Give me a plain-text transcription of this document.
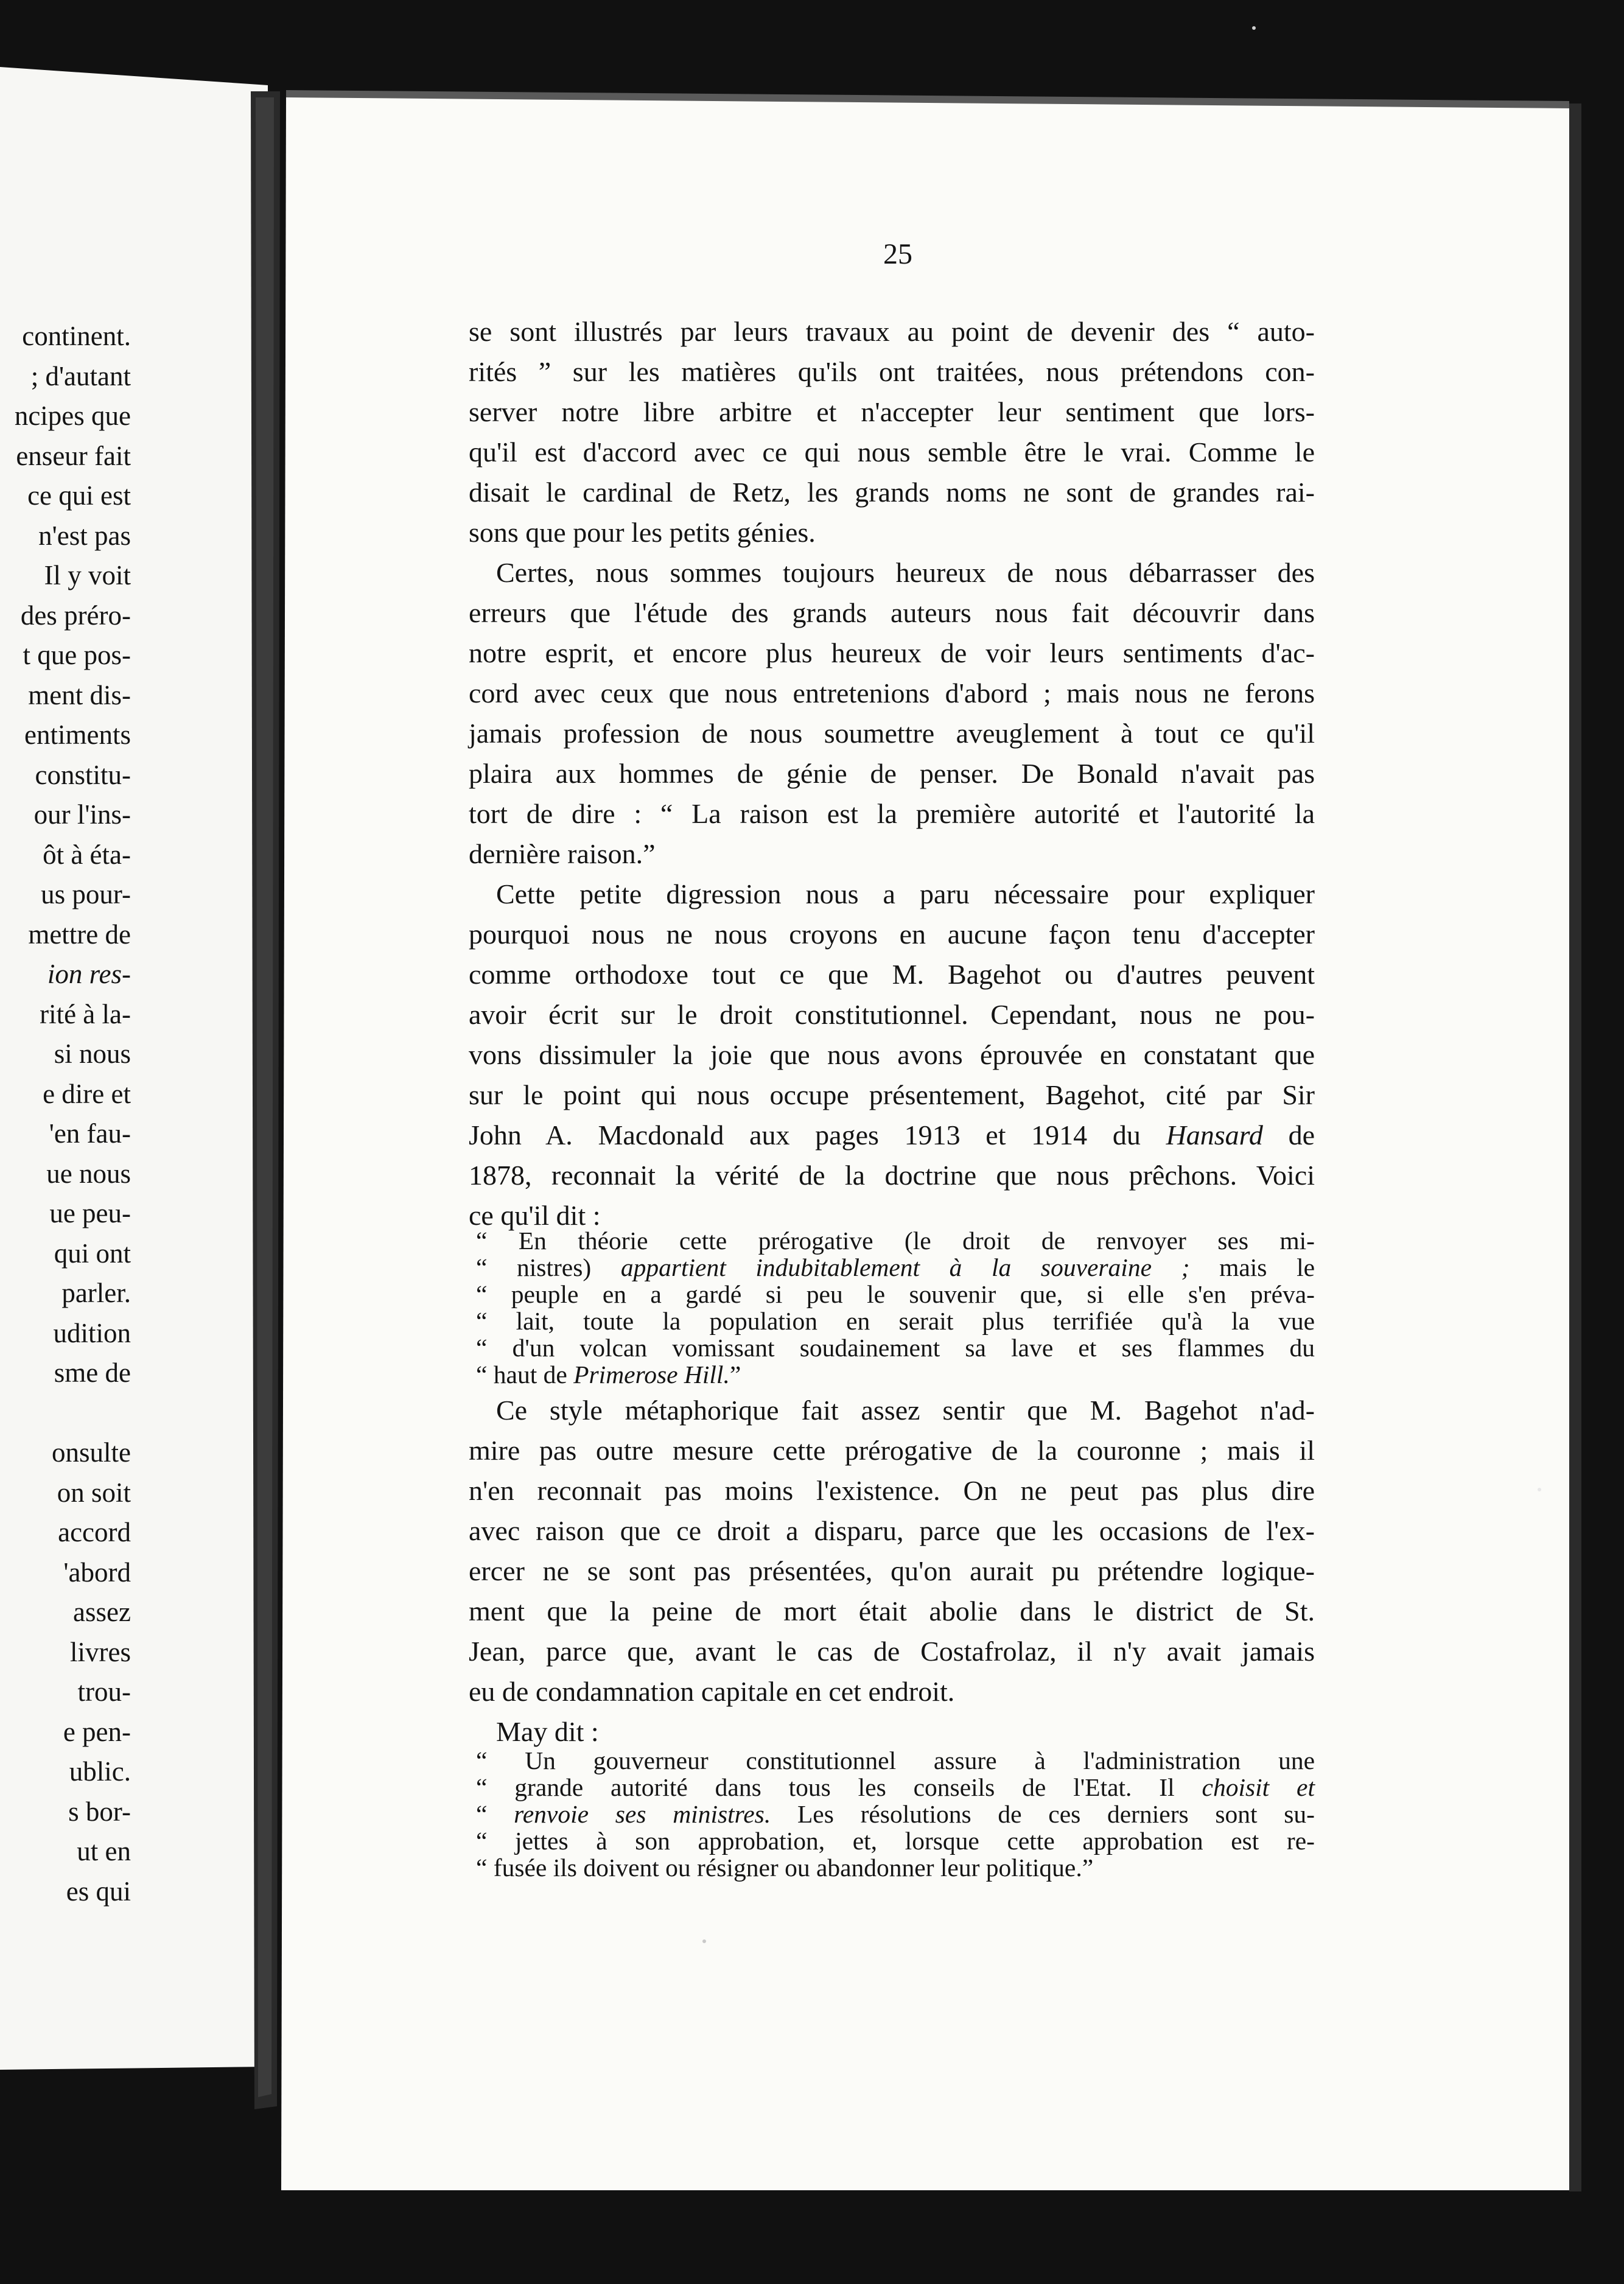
continent.
; d'autant
ncipes que
enseur fait
ce qui est
n'est pas
Il y voit
des préro-
t que pos-
ment dis-
entiments
constitu-
our l'ins-
ôt à éta-
us pour-
mettre de
ion res-
rité à la-
si nous
e dire et
'en fau-
ue nous
ue peu-
qui ont
parler.
udition
sme de
onsulte
on soit
accord
'abord
assez
livres
trou-
e pen-
ublic.
s bor-
ut en
es qui
25
se sont illustrés par leurs travaux au point de devenir des “ auto-
rités ” sur les matières qu'ils ont traitées, nous prétendons con-
server notre libre arbitre et n'accepter leur sentiment que lors-
qu'il est d'accord avec ce qui nous semble être le vrai. Comme le
disait le cardinal de Retz, les grands noms ne sont de grandes rai-
sons que pour les petits génies.
Certes, nous sommes toujours heureux de nous débarrasser des
erreurs que l'étude des grands auteurs nous fait découvrir dans
notre esprit, et encore plus heureux de voir leurs sentiments d'ac-
cord avec ceux que nous entretenions d'abord ; mais nous ne ferons
jamais profession de nous soumettre aveuglement à tout ce qu'il
plaira aux hommes de génie de penser. De Bonald n'avait pas
tort de dire : “ La raison est la première autorité et l'autorité la
dernière raison.”
Cette petite digression nous a paru nécessaire pour expliquer
pourquoi nous ne nous croyons en aucune façon tenu d'accepter
comme orthodoxe tout ce que M. Bagehot ou d'autres peuvent
avoir écrit sur le droit constitutionnel. Cependant, nous ne pou-
vons dissimuler la joie que nous avons éprouvée en constatant que
sur le point qui nous occupe présentement, Bagehot, cité par Sir
John A. Macdonald aux pages 1913 et 1914 du Hansard de
1878, reconnait la vérité de la doctrine que nous prêchons. Voici
ce qu'il dit :
“ En théorie cette prérogative (le droit de renvoyer ses mi-
“ nistres) appartient indubitablement à la souveraine ; mais le
“ peuple en a gardé si peu le souvenir que, si elle s'en préva-
“ lait, toute la population en serait plus terrifiée qu'à la vue
“ d'un volcan vomissant soudainement sa lave et ses flammes du
“ haut de Primerose Hill.”
Ce style métaphorique fait assez sentir que M. Bagehot n'ad-
mire pas outre mesure cette prérogative de la couronne ; mais il
n'en reconnait pas moins l'existence. On ne peut pas plus dire
avec raison que ce droit a disparu, parce que les occasions de l'ex-
ercer ne se sont pas présentées, qu'on aurait pu prétendre logique-
ment que la peine de mort était abolie dans le district de St.
Jean, parce que, avant le cas de Costafrolaz, il n'y avait jamais
eu de condamnation capitale en cet endroit.
May dit :
“ Un gouverneur constitutionnel assure à l'administration une
“ grande autorité dans tous les conseils de l'Etat. Il choisit et
“ renvoie ses ministres. Les résolutions de ces derniers sont su-
“ jettes à son approbation, et, lorsque cette approbation est re-
“ fusée ils doivent ou résigner ou abandonner leur politique.”
